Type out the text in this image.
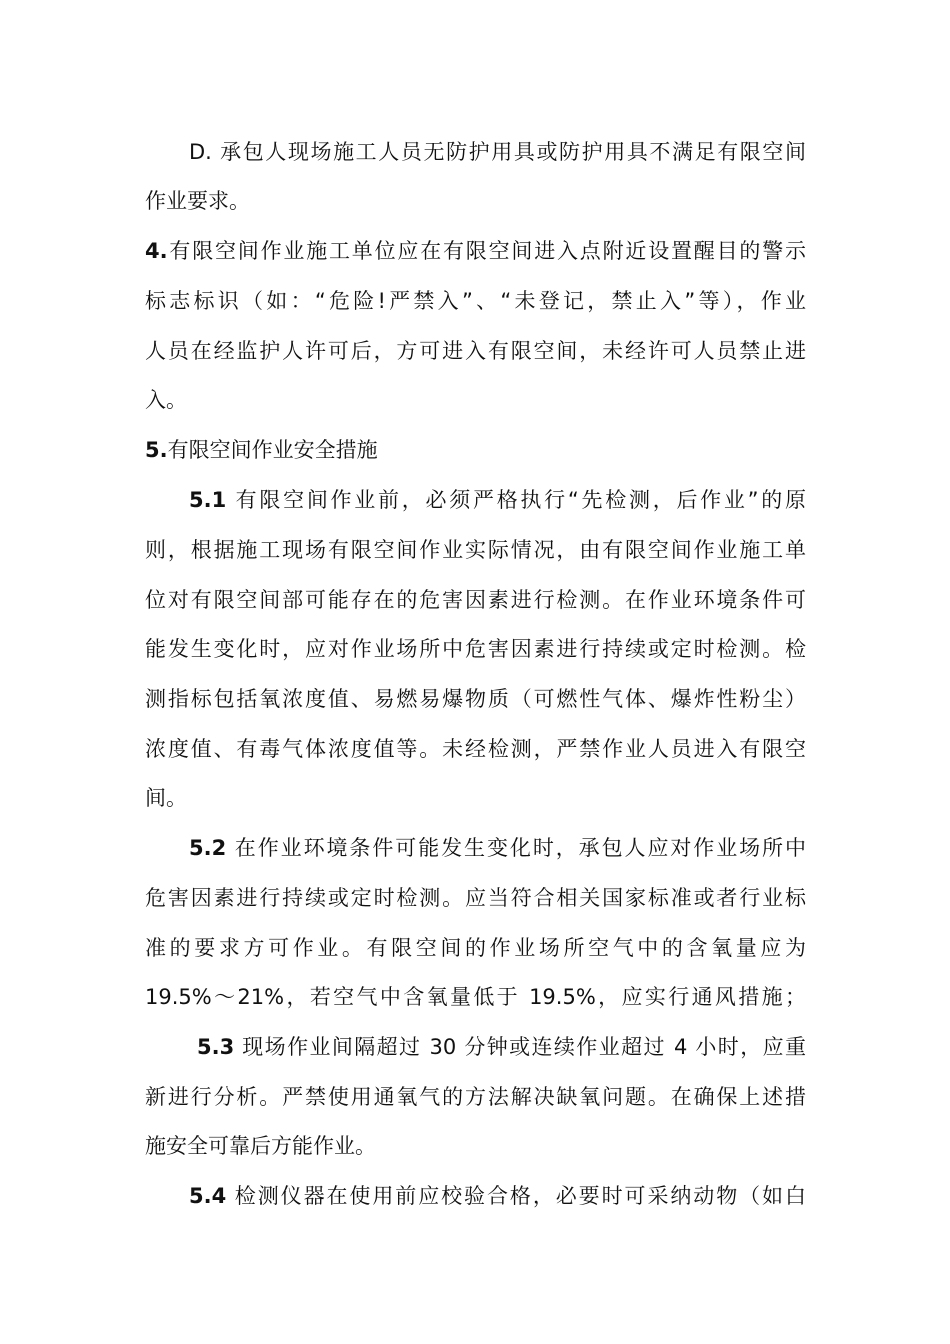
D. 承包人现场施工人员无防护用具或防护用具不满足有限空间
作业要求。
4.有限空间作业施工单位应在有限空间进入点附近设置醒目的警示
标志标识（如：“危险!严禁入”、“未登记，禁止入”等），作业
人员在经监护人许可后，方可进入有限空间，未经许可人员禁止进
入。
5.有限空间作业安全措施
5.1 有限空间作业前，必须严格执行“先检测，后作业”的原
则，根据施工现场有限空间作业实际情况，由有限空间作业施工单
位对有限空间部可能存在的危害因素进行检测。在作业环境条件可
能发生变化时，应对作业场所中危害因素进行持续或定时检测。检
测指标包括氧浓度值、易燃易爆物质（可燃性气体、爆炸性粉尘）
浓度值、有毒气体浓度值等。未经检测，严禁作业人员进入有限空
间。
5.2 在作业环境条件可能发生变化时，承包人应对作业场所中
危害因素进行持续或定时检测。应当符合相关国家标准或者行业标
准的要求方可作业。有限空间的作业场所空气中的含氧量应为
19.5%～21%，若空气中含氧量低于 19.5%，应实行通风措施；
5.3 现场作业间隔超过 30 分钟或连续作业超过 4 小时，应重
新进行分析。严禁使用通氧气的方法解决缺氧问题。在确保上述措
施安全可靠后方能作业。
5.4 检测仪器在使用前应校验合格，必要时可采纳动物（如白
